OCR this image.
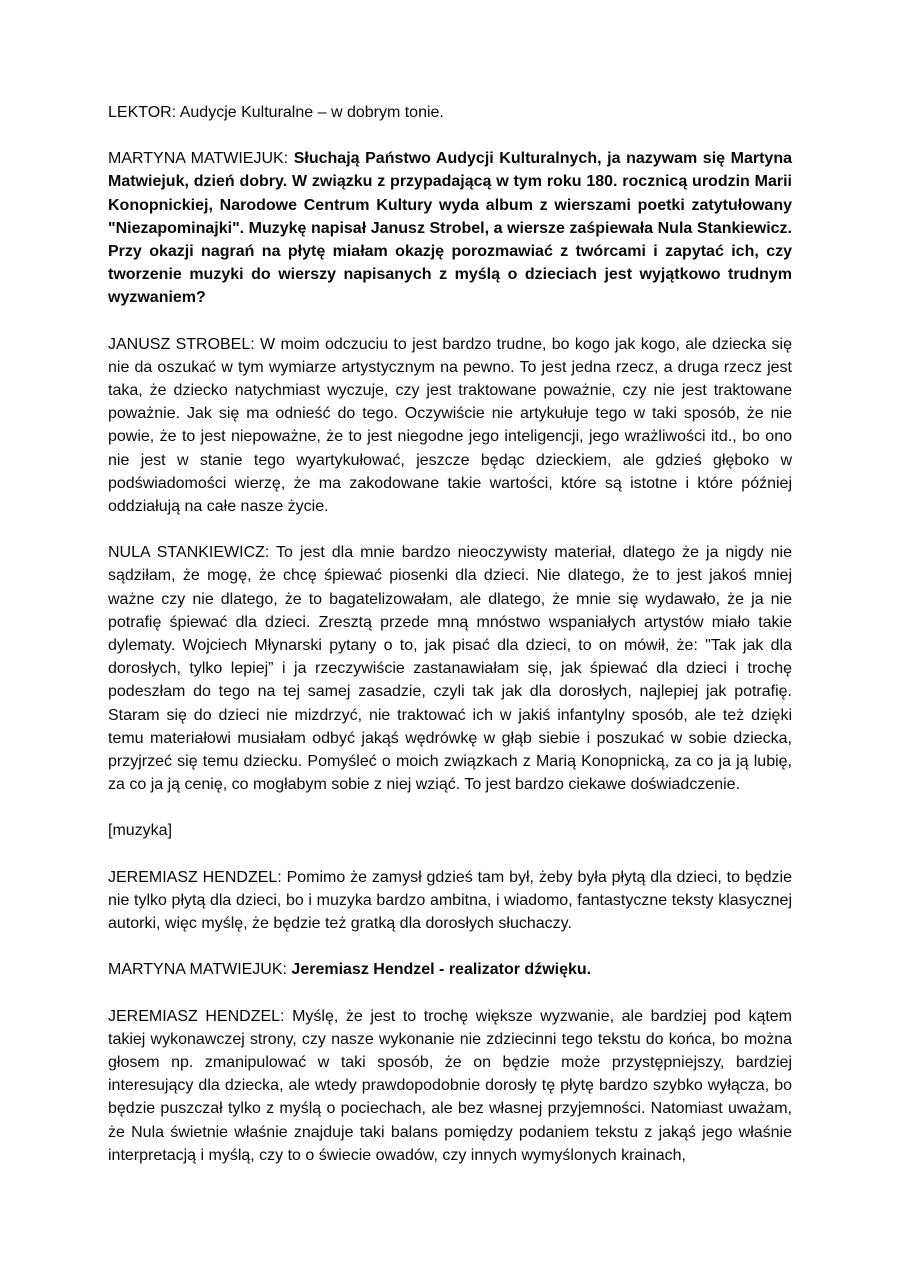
LEKTOR: Audycje Kulturalne – w dobrym tonie.

MARTYNA MATWIEJUK: Słuchają Państwo Audycji Kulturalnych, ja nazywam się Martyna Matwiejuk, dzień dobry. W związku z przypadającą w tym roku 180. rocznicą urodzin Marii Konopnickiej, Narodowe Centrum Kultury wyda album z wierszami poetki zatytułowany "Niezapominajki". Muzykę napisał Janusz Strobel, a wiersze zaśpiewała Nula Stankiewicz. Przy okazji nagrań na płytę miałam okazję porozmawiać z twórcami i zapytać ich, czy tworzenie muzyki do wierszy napisanych z myślą o dzieciach jest wyjątkowo trudnym wyzwaniem?

JANUSZ STROBEL: W moim odczuciu to jest bardzo trudne, bo kogo jak kogo, ale dziecka się nie da oszukać w tym wymiarze artystycznym na pewno. To jest jedna rzecz, a druga rzecz jest taka, że dziecko natychmiast wyczuje, czy jest traktowane poważnie, czy nie jest traktowane poważnie. Jak się ma odnieść do tego. Oczywiście nie artykułuje tego w taki sposób, że nie powie, że to jest niepoważne, że to jest niegodne jego inteligencji, jego wrażliwości itd., bo ono nie jest w stanie tego wyartykułować, jeszcze będąc dzieckiem, ale gdzieś głęboko w podświadomości wierzę, że ma zakodowane takie wartości, które są istotne i które później oddziałują na całe nasze życie.

NULA STANKIEWICZ: To jest dla mnie bardzo nieoczywisty materiał, dlatego że ja nigdy nie sądziłam, że mogę, że chcę śpiewać piosenki dla dzieci. Nie dlatego, że to jest jakoś mniej ważne czy nie dlatego, że to bagatelizowałam, ale dlatego, że mnie się wydawało, że ja nie potrafię śpiewać dla dzieci. Zresztą przede mną mnóstwo wspaniałych artystów miało takie dylematy. Wojciech Młynarski pytany o to, jak pisać dla dzieci, to on mówił, że: "Tak jak dla dorosłych, tylko lepiej” i ja rzeczywiście zastanawiałam się, jak śpiewać dla dzieci i trochę podeszłam do tego na tej samej zasadzie, czyli tak jak dla dorosłych, najlepiej jak potrafię. Staram się do dzieci nie mizdrzyć, nie traktować ich w jakiś infantylny sposób, ale też dzięki temu materiałowi musiałam odbyć jakąś wędrówkę w głąb siebie i poszukać w sobie dziecka, przyjrzeć się temu dziecku. Pomyśleć o moich związkach z Marią Konopnicką, za co ja ją lubię, za co ja ją cenię, co mogłabym sobie z niej wziąć. To jest bardzo ciekawe doświadczenie.

[muzyka]

JEREMIASZ HENDZEL: Pomimo że zamysł gdzieś tam był, żeby była płytą dla dzieci, to będzie nie tylko płytą dla dzieci, bo i muzyka bardzo ambitna, i wiadomo, fantastyczne teksty klasycznej autorki, więc myślę, że będzie też gratką dla dorosłych słuchaczy.

MARTYNA MATWIEJUK: Jeremiasz Hendzel - realizator dźwięku.

JEREMIASZ HENDZEL: Myślę, że jest to trochę większe wyzwanie, ale bardziej pod kątem takiej wykonawczej strony, czy nasze wykonanie nie zdziecinni tego tekstu do końca, bo można głosem np. zmanipulować w taki sposób, że on będzie może przystępniejszy, bardziej interesujący dla dziecka, ale wtedy prawdopodobnie dorosły tę płytę bardzo szybko wyłącza, bo będzie puszczał tylko z myślą o pociechach, ale bez własnej przyjemności. Natomiast uważam, że Nula świetnie właśnie znajduje taki balans pomiędzy podaniem tekstu z jakąś jego właśnie interpretacją i myślą, czy to o świecie owadów, czy innych wymyślonych krainach,
